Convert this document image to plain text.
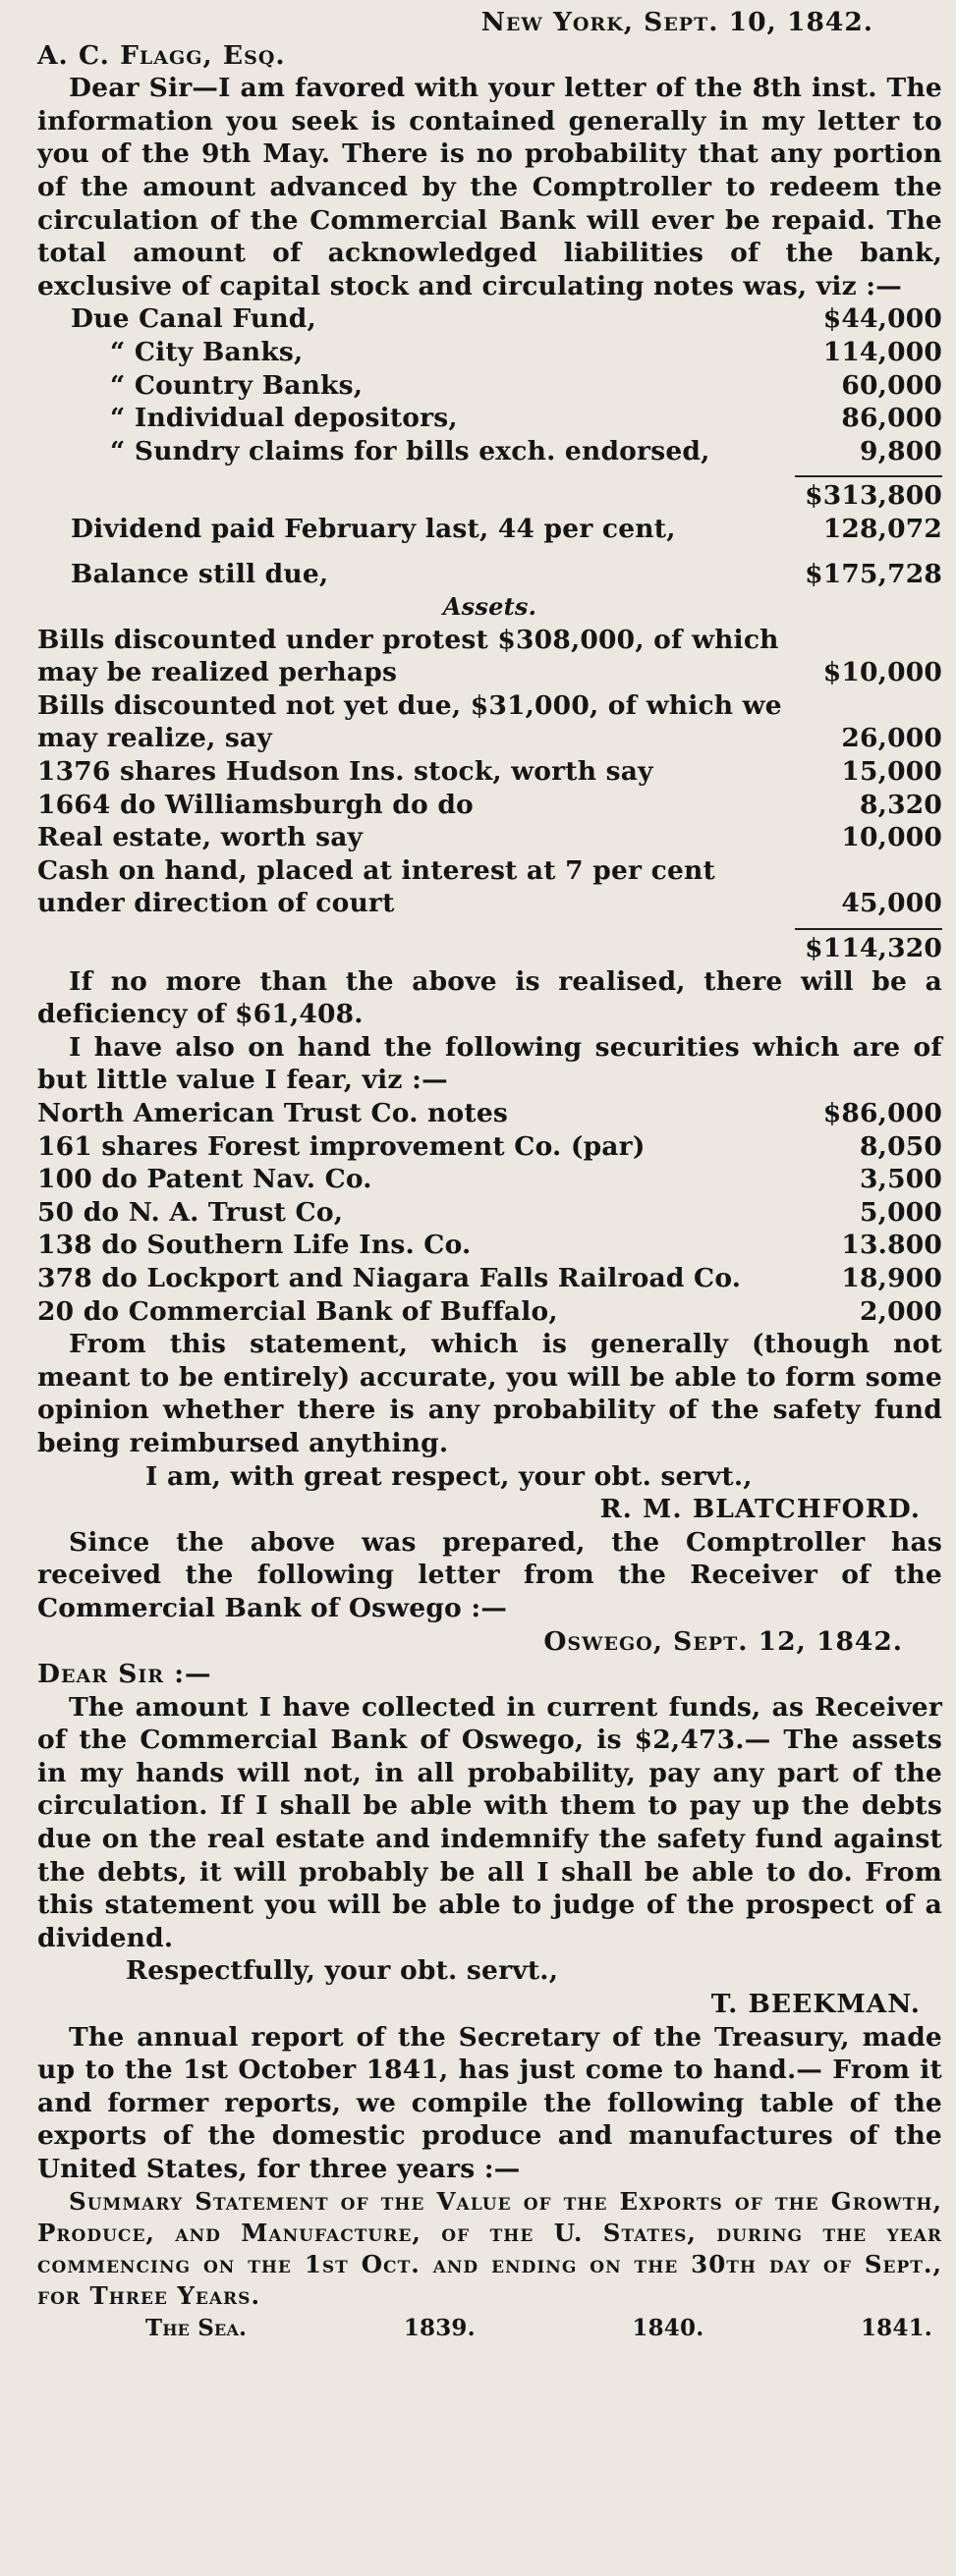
New York, Sept. 10, 1842.
A. C. Flagg, Esq.
Dear Sir—I am favored with your letter of the 8th inst. The information you seek is contained generally in my letter to you of the 9th May. There is no probability that any portion of the amount advanced by the Comptroller to redeem the circulation of the Commercial Bank will ever be repaid. The total amount of acknowledged liabilities of the bank, exclusive of capital stock and circulating notes was, viz :—
Due Canal Fund,	$44,000
“ City Banks,	114,000
“ Country Banks,	60,000
“ Individual depositors,	86,000
“ Sundry claims for bills exch. endorsed,	9,800
$313,800
Dividend paid February last, 44 per cent,	128,072
Balance still due,	$175,728
Assets.
Bills discounted under protest $308,000, of which may be realized perhaps	$10,000
Bills discounted not yet due, $31,000, of which we may realize, say	26,000
1376 shares Hudson Ins. stock, worth say	15,000
1664 do Williamsburgh do do	8,320
Real estate, worth say	10,000
Cash on hand, placed at interest at 7 per cent under direction of court	45,000
$114,320
If no more than the above is realised, there will be a deficiency of $61,408.
I have also on hand the following securities which are of but little value I fear, viz :—
North American Trust Co. notes	$86,000
161 shares Forest improvement Co. (par)	8,050
100 do Patent Nav. Co.	3,500
50 do N. A. Trust Co,	5,000
138 do Southern Life Ins. Co.	13.800
378 do Lockport and Niagara Falls Railroad Co.	18,900
20 do Commercial Bank of Buffalo,	2,000
From this statement, which is generally (though not meant to be entirely) accurate, you will be able to form some opinion whether there is any probability of the safety fund being reimbursed anything.
I am, with great respect, your obt. servt.,
R. M. BLATCHFORD.
Since the above was prepared, the Comptroller has received the following letter from the Receiver of the Commercial Bank of Oswego :—
Oswego, Sept. 12, 1842.
Dear Sir :—
The amount I have collected in current funds, as Receiver of the Commercial Bank of Oswego, is $2,473.— The assets in my hands will not, in all probability, pay any part of the circulation. If I shall be able with them to pay up the debts due on the real estate and indemnify the safety fund against the debts, it will probably be all I shall be able to do. From this statement you will be able to judge of the prospect of a dividend.
Respectfully, your obt. servt.,
T. BEEKMAN.
The annual report of the Secretary of the Treasury, made up to the 1st October 1841, has just come to hand.— From it and former reports, we compile the following table of the exports of the domestic produce and manufactures of the United States, for three years :—
Summary Statement of the Value of the Exports of the Growth, Produce, and Manufacture, of the U. States, during the year commencing on the 1st Oct. and ending on the 30th day of Sept., for Three Years.
The Sea.	1839.	1840.	1841.
